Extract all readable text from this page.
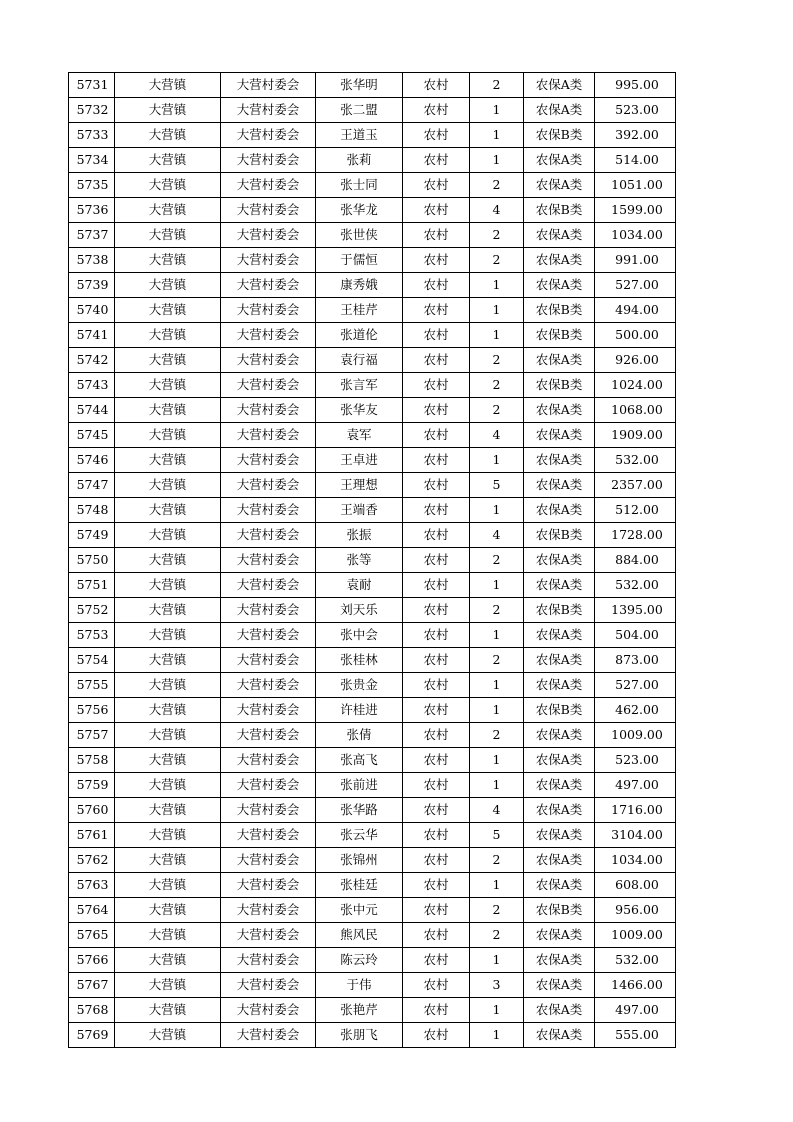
5731	大营镇	大营村委会	张华明	农村	2	农保A类	995.00
5732	大营镇	大营村委会	张二盟	农村	1	农保A类	523.00
5733	大营镇	大营村委会	王道玉	农村	1	农保B类	392.00
5734	大营镇	大营村委会	张莉	农村	1	农保A类	514.00
5735	大营镇	大营村委会	张士同	农村	2	农保A类	1051.00
5736	大营镇	大营村委会	张华龙	农村	4	农保B类	1599.00
5737	大营镇	大营村委会	张世侠	农村	2	农保A类	1034.00
5738	大营镇	大营村委会	于儒恒	农村	2	农保A类	991.00
5739	大营镇	大营村委会	康秀娥	农村	1	农保A类	527.00
5740	大营镇	大营村委会	王桂芹	农村	1	农保B类	494.00
5741	大营镇	大营村委会	张道伦	农村	1	农保B类	500.00
5742	大营镇	大营村委会	袁行福	农村	2	农保A类	926.00
5743	大营镇	大营村委会	张言军	农村	2	农保B类	1024.00
5744	大营镇	大营村委会	张华友	农村	2	农保A类	1068.00
5745	大营镇	大营村委会	袁军	农村	4	农保A类	1909.00
5746	大营镇	大营村委会	王卓进	农村	1	农保A类	532.00
5747	大营镇	大营村委会	王理想	农村	5	农保A类	2357.00
5748	大营镇	大营村委会	王端香	农村	1	农保A类	512.00
5749	大营镇	大营村委会	张振	农村	4	农保B类	1728.00
5750	大营镇	大营村委会	张等	农村	2	农保A类	884.00
5751	大营镇	大营村委会	袁耐	农村	1	农保A类	532.00
5752	大营镇	大营村委会	刘天乐	农村	2	农保B类	1395.00
5753	大营镇	大营村委会	张中会	农村	1	农保A类	504.00
5754	大营镇	大营村委会	张桂林	农村	2	农保A类	873.00
5755	大营镇	大营村委会	张贵金	农村	1	农保A类	527.00
5756	大营镇	大营村委会	许桂进	农村	1	农保B类	462.00
5757	大营镇	大营村委会	张倩	农村	2	农保A类	1009.00
5758	大营镇	大营村委会	张高飞	农村	1	农保A类	523.00
5759	大营镇	大营村委会	张前进	农村	1	农保A类	497.00
5760	大营镇	大营村委会	张华路	农村	4	农保A类	1716.00
5761	大营镇	大营村委会	张云华	农村	5	农保A类	3104.00
5762	大营镇	大营村委会	张锦州	农村	2	农保A类	1034.00
5763	大营镇	大营村委会	张桂廷	农村	1	农保A类	608.00
5764	大营镇	大营村委会	张中元	农村	2	农保B类	956.00
5765	大营镇	大营村委会	熊风民	农村	2	农保A类	1009.00
5766	大营镇	大营村委会	陈云玲	农村	1	农保A类	532.00
5767	大营镇	大营村委会	于伟	农村	3	农保A类	1466.00
5768	大营镇	大营村委会	张艳芹	农村	1	农保A类	497.00
5769	大营镇	大营村委会	张朋飞	农村	1	农保A类	555.00
